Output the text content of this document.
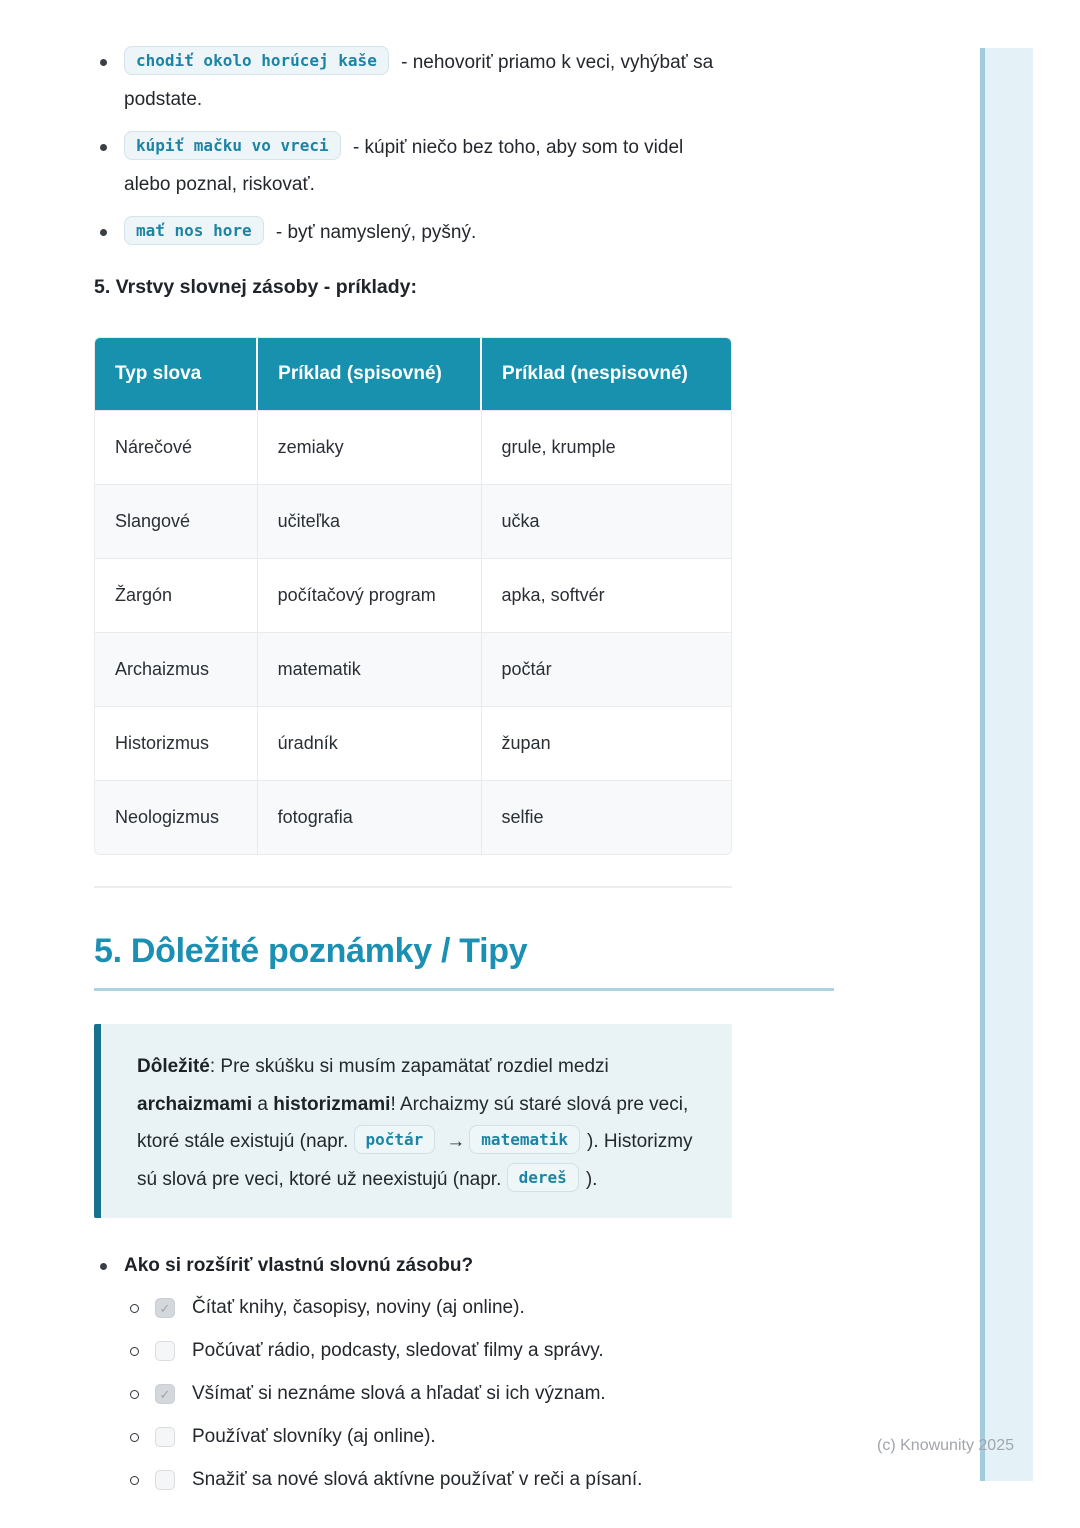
chodiť okolo horúcej kaše - nehovoriť priamo k veci, vyhýbať sa podstate.
kúpiť mačku vo vreci - kúpiť niečo bez toho, aby som to videl alebo poznal, riskovať.
mať nos hore - byť namyslený, pyšný.
5. Vrstvy slovnej zásoby - príklady:
Typ slova	Príklad (spisovné)	Príklad (nespisovné)
Nárečové	zemiaky	grule, krumple
Slangové	učiteľka	učka
Žargón	počítačový program	apka, softvér
Archaizmus	matematik	počtár
Historizmus	úradník	župan
Neologizmus	fotografia	selfie
5. Dôležité poznámky / Tipy

Dôležité: Pre skúšku si musím zapamätať rozdiel medzi archaizmami a historizmami! Archaizmy sú staré slová pre veci, ktoré stále existujú (napr. počtár → matematik ). Historizmy sú slová pre veci, ktoré už neexistujú (napr. dereš ).

Ako si rozšíriť vlastnú slovnú zásobu?
✓ Čítať knihy, časopisy, noviny (aj online).
Počúvať rádio, podcasty, sledovať filmy a správy.
✓ Všímať si neznáme slová a hľadať si ich význam.
Používať slovníky (aj online).
Snažiť sa nové slová aktívne používať v reči a písaní.
(c) Knowunity 2025
